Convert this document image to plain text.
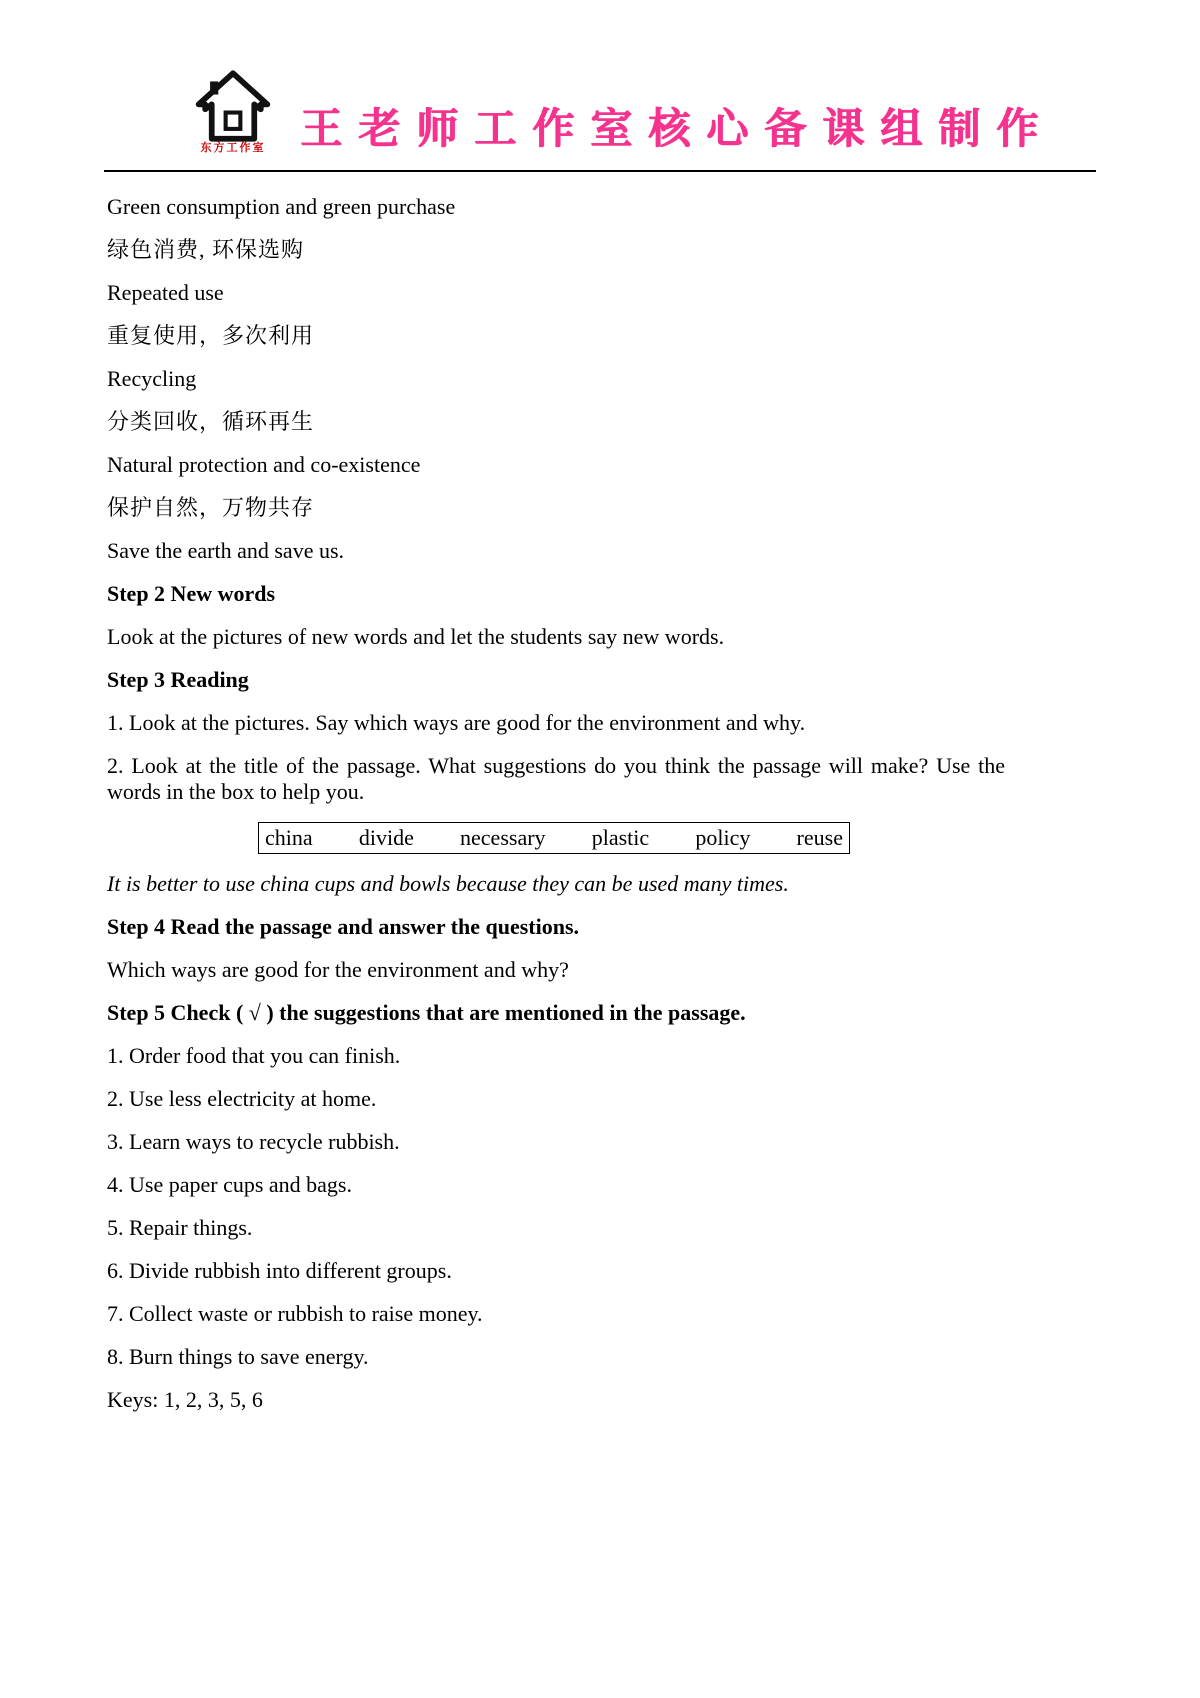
东方工作室 王老师工作室核心备课组制作

Green consumption and green purchase

绿色消费, 环保选购

Repeated use

重复使用，多次利用

Recycling

分类回收，循环再生

Natural protection and co-existence

保护自然，万物共存

Save the earth and save us.

Step 2 New words

Look at the pictures of new words and let the students say new words.

Step 3 Reading

1. Look at the pictures. Say which ways are good for the environment and why.

2. Look at the title of the passage. What suggestions do you think the passage will make? Use the words in the box to help you.

china divide necessary plastic policy reuse

It is better to use china cups and bowls because they can be used many times.

Step 4 Read the passage and answer the questions.

Which ways are good for the environment and why?

Step 5 Check ( √ ) the suggestions that are mentioned in the passage.

1. Order food that you can finish.

2. Use less electricity at home.

3. Learn ways to recycle rubbish.

4. Use paper cups and bags.

5. Repair things.

6. Divide rubbish into different groups.

7. Collect waste or rubbish to raise money.

8. Burn things to save energy.

Keys: 1, 2, 3, 5, 6
